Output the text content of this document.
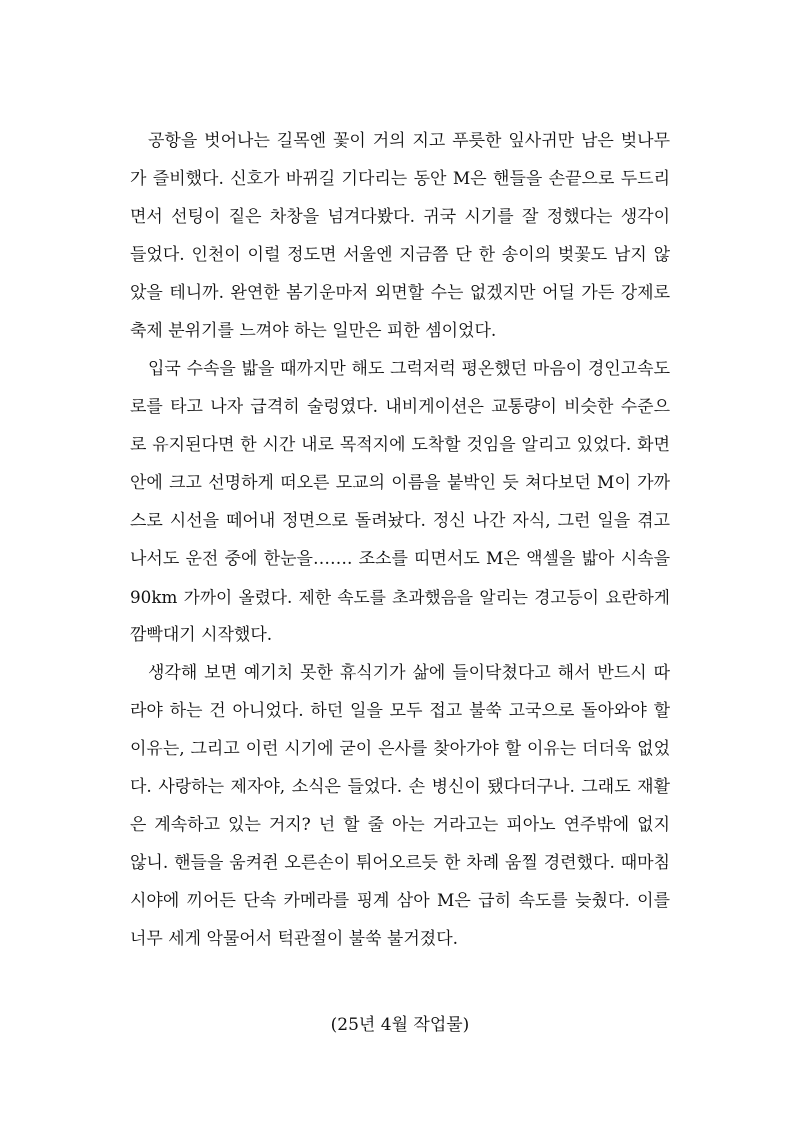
공항을 벗어나는 길목엔 꽃이 거의 지고 푸릇한 잎사귀만 남은 벚나무
가 즐비했다. 신호가 바뀌길 기다리는 동안 M은 핸들을 손끝으로 두드리
면서 선팅이 짙은 차창을 넘겨다봤다. 귀국 시기를 잘 정했다는 생각이
들었다. 인천이 이럴 정도면 서울엔 지금쯤 단 한 송이의 벚꽃도 남지 않
았을 테니까. 완연한 봄기운마저 외면할 수는 없겠지만 어딜 가든 강제로
축제 분위기를 느껴야 하는 일만은 피한 셈이었다.
입국 수속을 밟을 때까지만 해도 그럭저럭 평온했던 마음이 경인고속도
로를 타고 나자 급격히 술렁였다. 내비게이션은 교통량이 비슷한 수준으
로 유지된다면 한 시간 내로 목적지에 도착할 것임을 알리고 있었다. 화면
안에 크고 선명하게 떠오른 모교의 이름을 붙박인 듯 쳐다보던 M이 가까
스로 시선을 떼어내 정면으로 돌려놨다. 정신 나간 자식, 그런 일을 겪고
나서도 운전 중에 한눈을……. 조소를 띠면서도 M은 액셀을 밟아 시속을
90km 가까이 올렸다. 제한 속도를 초과했음을 알리는 경고등이 요란하게
깜빡대기 시작했다.
생각해 보면 예기치 못한 휴식기가 삶에 들이닥쳤다고 해서 반드시 따
라야 하는 건 아니었다. 하던 일을 모두 접고 불쑥 고국으로 돌아와야 할
이유는, 그리고 이런 시기에 굳이 은사를 찾아가야 할 이유는 더더욱 없었
다. 사랑하는 제자야, 소식은 들었다. 손 병신이 됐다더구나. 그래도 재활
은 계속하고 있는 거지? 넌 할 줄 아는 거라고는 피아노 연주밖에 없지
않니. 핸들을 움켜쥔 오른손이 튀어오르듯 한 차례 움찔 경련했다. 때마침
시야에 끼어든 단속 카메라를 핑계 삼아 M은 급히 속도를 늦췄다. 이를
너무 세게 악물어서 턱관절이 불쑥 불거졌다.
(25년 4월 작업물)
